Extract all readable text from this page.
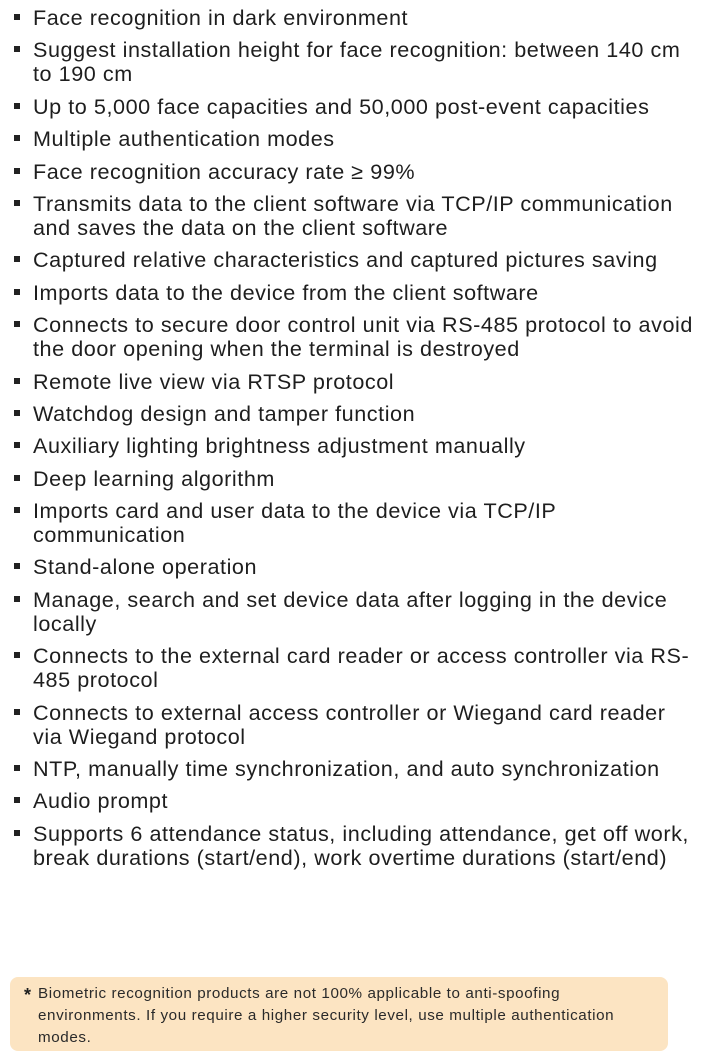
Face recognition in dark environment
Suggest installation height for face recognition: between 140 cm to 190 cm
Up to 5,000 face capacities and 50,000 post-event capacities
Multiple authentication modes
Face recognition accuracy rate ≥ 99%
Transmits data to the client software via TCP/IP communication and saves the data on the client software
Captured relative characteristics and captured pictures saving
Imports data to the device from the client software
Connects to secure door control unit via RS-485 protocol to avoid the door opening when the terminal is destroyed
Remote live view via RTSP protocol
Watchdog design and tamper function
Auxiliary lighting brightness adjustment manually
Deep learning algorithm
Imports card and user data to the device via TCP/IP communication
Stand-alone operation
Manage, search and set device data after logging in the device locally
Connects to the external card reader or access controller via RS-485 protocol
Connects to external access controller or Wiegand card reader via Wiegand protocol
NTP, manually time synchronization, and auto synchronization
Audio prompt
Supports 6 attendance status, including attendance, get off work, break durations (start/end), work overtime durations (start/end)
* Biometric recognition products are not 100% applicable to anti-spoofing environments. If you require a higher security level, use multiple authentication modes.
